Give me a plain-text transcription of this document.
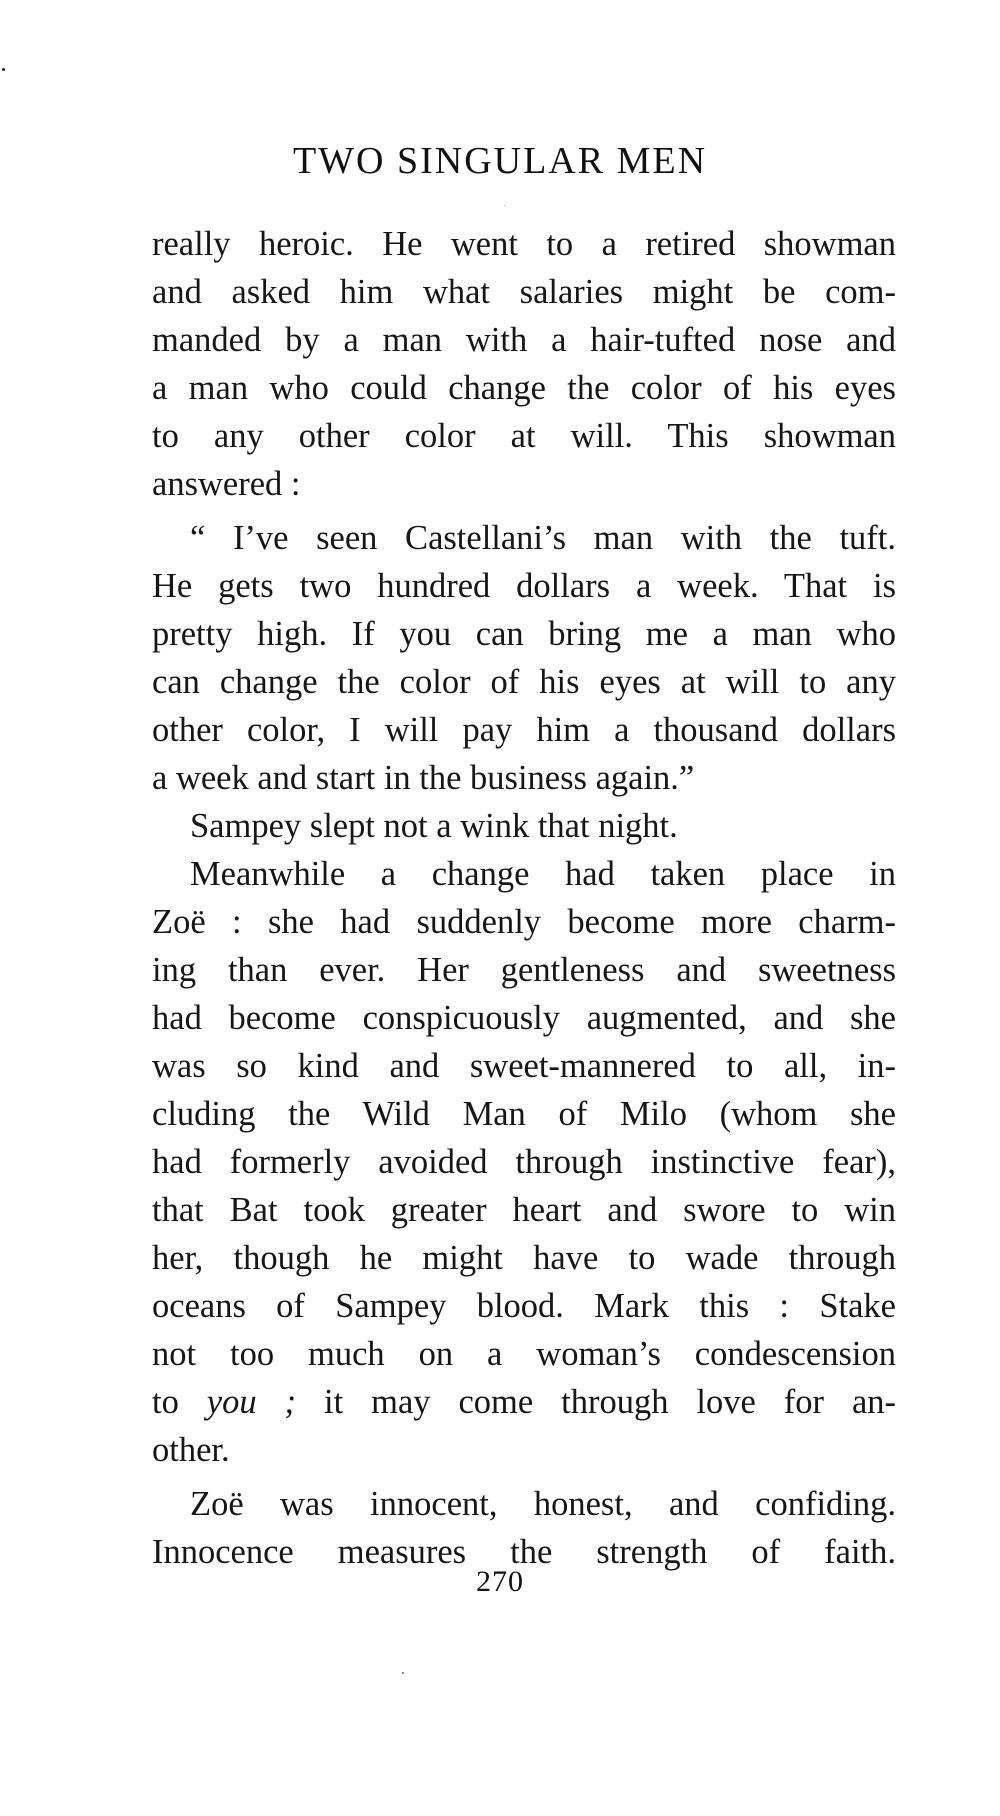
TWO SINGULAR MEN
really heroic. He went to a retired showman
and asked him what salaries might be com-
manded by a man with a hair-tufted nose and
a man who could change the color of his eyes
to any other color at will. This showman
answered :
“ I’ve seen Castellani’s man with the tuft.
He gets two hundred dollars a week. That is
pretty high. If you can bring me a man who
can change the color of his eyes at will to any
other color, I will pay him a thousand dollars
a week and start in the business again.”
Sampey slept not a wink that night.
Meanwhile a change had taken place in
Zoë : she had suddenly become more charm-
ing than ever. Her gentleness and sweetness
had become conspicuously augmented, and she
was so kind and sweet-mannered to all, in-
cluding the Wild Man of Milo (whom she
had formerly avoided through instinctive fear),
that Bat took greater heart and swore to win
her, though he might have to wade through
oceans of Sampey blood. Mark this : Stake
not too much on a woman’s condescension
to you ; it may come through love for an-
other.
Zoë was innocent, honest, and confiding.
Innocence measures the strength of faith.
270
